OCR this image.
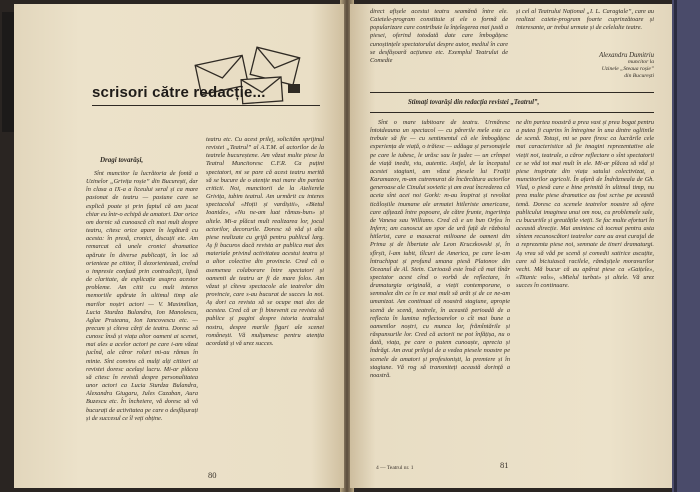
scrisori către redacție...
Dragi tovarăși,
Sînt muncitor la lucrătoria de fontă a Uzinelor „Grivița roșie” din București, dar în clasa a IX-a a liceului seral și ca mare pasionat de teatru — pasiune care se explică poate și prin faptul că am jucat chiar eu într-o echipă de amatori. Dar orice om dornic să cunoască cît mai mult despre teatru, citesc orice apare în legătură cu acesta: în presă, cronici, discuții etc. Am remarcat că unele cronici dramatice apărute în diverse publicații, în loc să orienteze pe cititor, îl dezorientează, creînd o impresie confuză prin contradicții, lipsă de claritate, de explicație asupra acestor probleme. Am citit cu mult interes memoriile apărute în ultimul timp ale marilor noștri actori — V. Maximilian, Lucia Sturdza Bulandra, Ion Manolescu, Aglae Pruteanu, Ion Iancovescu etc. — precum și cîteva cărți de teatru. Doresc să cunosc însă și viața altor oameni ai scenei, mai ales a acelor actori pe care i-am văzut jucînd, ale căror roluri mi-au rămas în minte. Sînt convins că mulți alți cititori ai revistei doresc același lucru. Mi-ar plăcea să citesc în revistă despre personalitatea unor actori ca Lucia Sturdza Bulandra, Alexandru Giugaru, Jules Cazaban, Aura Buzescu etc. În încheiere, vă doresc să vă bucurați de activitatea pe care o desfășurați și de succesul ce îl veți obține.
teatru etc. Cu acest prilej, solicităm sprijinul revistei „Teatrul” al A.T.M. al actorilor de la teatrele bucureștene. Am văzut multe piese la Teatrul Muncitoresc C.F.R. Ca puțini spectatori, mi se pare că acest teatru merită să se bucure de o atenție mai mare din partea criticii. Noi, muncitorii de la Atelierele Grivița, iubim teatrul. Am urmărit cu interes spectacolul «Hoții și vardiștii», «Bietul Ioanide», «Nu ne-am luat rămas-bun» și altele. Mi-a plăcut mult realizarea lor, jocul actorilor, decorurile. Doresc să văd și alte piese realizate cu grijă pentru publicul larg. Aș fi bucuros dacă revista ar publica mai des materiale privind activitatea acestui teatru și a altor colective din provincie. Cred că o asemenea colaborare între spectatori și oamenii de teatru ar fi de mare folos. Am văzut și cîteva spectacole ale teatrelor din provincie, care s-au bucurat de succes la noi. Aș dori ca revista să se ocupe mai des de acestea. Cred că ar fi binevenit ca revista să publice și pagini despre istoria teatrului nostru, despre marile figuri ale scenei românești. Vă mulțumesc pentru atenția acordată și vă urez succes.
80
direct afișele acestui teatru seamănă între ele. Caietele-program constituie și ele o formă de popularizare care contribuie la înțelegerea mai justă a piesei, oferind totodată date care îmbogățesc cunoștințele spectatorului despre autor, mediul în care se desfășoară acțiunea etc. Exemplul Teatrului de Comedie
și cel al Teatrului Național „I. L. Caragiale”, care au realizat caiete-program foarte cuprinzătoare și interesante, ar trebui urmate și de celelalte teatre.
Alexandru Dumitriu
muncitor la
Uzinele „Steaua roșie”
din București
Stimați tovarăși din redacția revistei „Teatrul”,
Sînt o mare iubitoare de teatru. Urmăresc întotdeauna un spectacol — cu părerile mele este ca trebuie să fie — cu sentimentul că ele îmbogățesc experiența de viață, o trăiesc — adăuga și personajele pe care le iubesc, le urăsc sau le judec — un crîmpei de viață inedit, viu, autentic. Astfel, de la începutul acestei stagiuni, am văzut piesele lui Fraiții Karamazov, m-am cutremurat de încărcătura actorilor generoase ale Cinului sovietic și am avut încrederea că aceia sînt acei noi Gorki: m-au înspirat și revoltat ticăloșiile inumane ale armatei hitleriste americane, care ațîțează între popoare, de către frunte, ingeriința de Vanesa sau Williams. Cred că e un bun Orfeu în Infern; am cunoscut un spor de ură față de războiul hitlerist, care a masacrat milioane de oameni din Prima și de libertate ale Leon Kruczkowski și, în sfîrșit, l-am iubit, tîlcuri de America, pe care le-am întruchipat și profund umana piesă Platonov din Oceanul de Al. Stein. Curioasă este însă că mai tînăr spectator acest cînd o vorbă de reflectare, în dramaturgia originală, a vieții contemporane, o semnalez din ce în ce mai mult să arăt și de ce ne-am umanizat. Am continuat că noastră stagiune, apropie scenă de scenă, teatrele, în această perioadă de a reflecta în lumina reflectoarelor o cît mai bune a oamenilor noștri, cu munca lor, frămîntările și răspunsurile lor. Cred că actorii ne pot înfățișa, nu o dată, viața, pe care o putem cunoaște, aprecia și îndrăgi. Am avut prilejul de a vedea piesele noastre pe scenele de amatori și profesioniști, la premiere și în stagiune. Vă rog să transmiteți această dorință a noastră.
ne din partea noastră a prea vast și prea bogat pentru a putea fi cuprins în întregime în una dintre ogliinile de scenă. Totuși, mi se pare firesc ca lucrările cele mai caracteristice să fie imagini reprezentative ale vieții noi, teatrale, a căror reflectare o sînt spectatorii ce se văd tot mai mult în ele. Mi-ar plăcea să văd și piese inspirate din viața satului colectivizat, a muncitorilor agricoli. În afară de Îndrăzneala de Gh. Vlad, o piesă care e bine primită în ultimul timp, nu prea multe piese dramatice au fost scrise pe această temă. Doresc ca scenele teatrelor noastre să ofere publicului imaginea unui om nou, cu problemele sale, cu bucuriile și greutățile vieții. Se fac multe eforturi în această direcție. Mai amintesc că tocmai pentru asta sîntem recunoscători teatrelor care au avut curajul de a reprezenta piese noi, semnate de tineri dramaturgi. Aș vrea să văd pe scenă și comedii satirice ascuțite, care să biciuiască racilele, rămășițele moravurilor vechi. Mă bucur că au apărut piese ca «Gaițele», «Titanic vals», «Mielul turbat» și altele. Vă urez succes în continuare.
4 — Teatrul nr. 1	81
